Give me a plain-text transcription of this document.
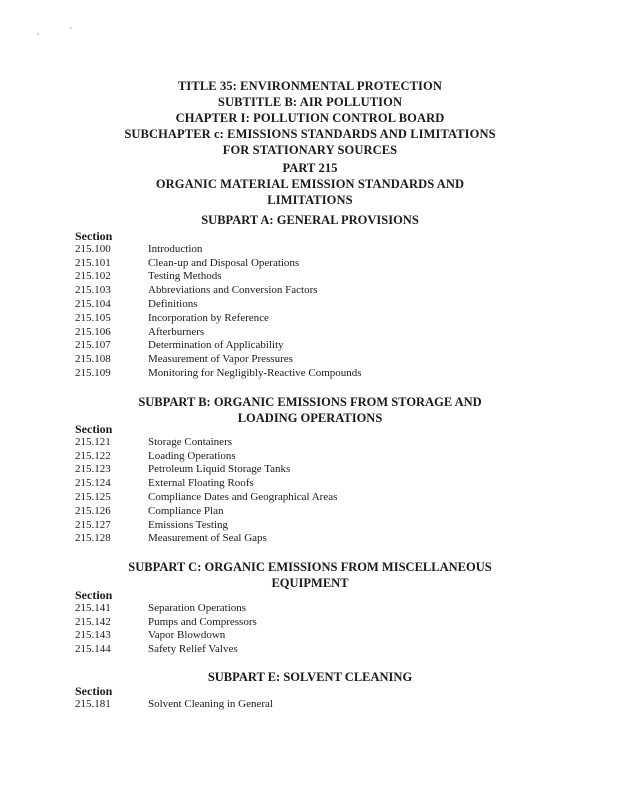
TITLE 35: ENVIRONMENTAL PROTECTION
SUBTITLE B: AIR POLLUTION
CHAPTER I: POLLUTION CONTROL BOARD
SUBCHAPTER c: EMISSIONS STANDARDS AND LIMITATIONS
FOR STATIONARY SOURCES
PART 215
ORGANIC MATERIAL EMISSION STANDARDS AND
LIMITATIONS
SUBPART A: GENERAL PROVISIONS
Section
215.100	Introduction
215.101	Clean-up and Disposal Operations
215.102	Testing Methods
215.103	Abbreviations and Conversion Factors
215.104	Definitions
215.105	Incorporation by Reference
215.106	Afterburners
215.107	Determination of Applicability
215.108	Measurement of Vapor Pressures
215.109	Monitoring for Negligibly-Reactive Compounds
SUBPART B: ORGANIC EMISSIONS FROM STORAGE AND
LOADING OPERATIONS
Section
215.121	Storage Containers
215.122	Loading Operations
215.123	Petroleum Liquid Storage Tanks
215.124	External Floating Roofs
215.125	Compliance Dates and Geographical Areas
215.126	Compliance Plan
215.127	Emissions Testing
215.128	Measurement of Seal Gaps
SUBPART C: ORGANIC EMISSIONS FROM MISCELLANEOUS
EQUIPMENT
Section
215.141	Separation Operations
215.142	Pumps and Compressors
215.143	Vapor Blowdown
215.144	Safety Relief Valves
SUBPART E: SOLVENT CLEANING
Section
215.181	Solvent Cleaning in General
